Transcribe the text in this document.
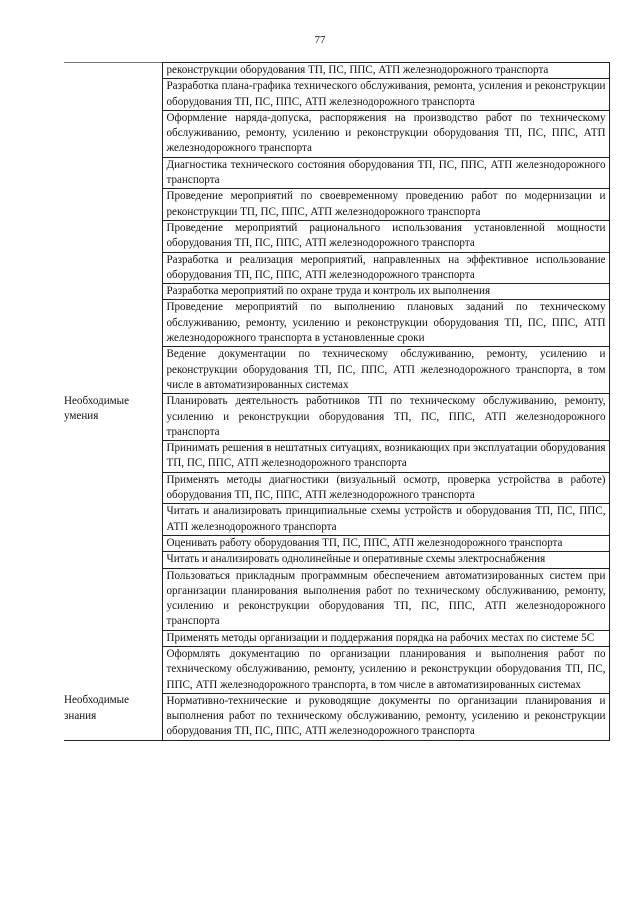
77
	реконструкции оборудования ТП, ПС, ППС, АТП железнодорожного транспорта
	Разработка плана-графика технического обслуживания, ремонта, усиления и реконструкции оборудования ТП, ПС, ППС, АТП железнодорожного транспорта
	Оформление наряда-допуска, распоряжения на производство работ по техническому обслуживанию, ремонту, усилению и реконструкции оборудования ТП, ПС, ППС, АТП железнодорожного транспорта
	Диагностика технического состояния оборудования ТП, ПС, ППС, АТП железнодорожного транспорта
	Проведение мероприятий по своевременному проведению работ по модернизации и реконструкции ТП, ПС, ППС, АТП железнодорожного транспорта
	Проведение мероприятий рационального использования установленной мощности оборудования ТП, ПС, ППС, АТП железнодорожного транспорта
	Разработка и реализация мероприятий, направленных на эффективное использование оборудования ТП, ПС, ППС, АТП железнодорожного транспорта
	Разработка мероприятий по охране труда и контроль их выполнения
	Проведение мероприятий по выполнению плановых заданий по техническому обслуживанию, ремонту, усилению и реконструкции оборудования ТП, ПС, ППС, АТП железнодорожного транспорта в установленные сроки
	Ведение документации по техническому обслуживанию, ремонту, усилению и реконструкции оборудования ТП, ПС, ППС, АТП железнодорожного транспорта, в том числе в автоматизированных системах

Необходимые умения	Планировать деятельность работников ТП по техническому обслуживанию, ремонту, усилению и реконструкции оборудования ТП, ПС, ППС, АТП железнодорожного транспорта
	Принимать решения в нештатных ситуациях, возникающих при эксплуатации оборудования ТП, ПС, ППС, АТП железнодорожного транспорта
	Применять методы диагностики (визуальный осмотр, проверка устройства в работе) оборудования ТП, ПС, ППС, АТП железнодорожного транспорта
	Читать и анализировать принципиальные схемы устройств и оборудования ТП, ПС, ППС, АТП железнодорожного транспорта
	Оценивать работу оборудования ТП, ПС, ППС, АТП железнодорожного транспорта
	Читать и анализировать однолинейные и оперативные схемы электроснабжения
	Пользоваться прикладным программным обеспечением автоматизированных систем при организации планирования выполнения работ по техническому обслуживанию, ремонту, усилению и реконструкции оборудования ТП, ПС, ППС, АТП железнодорожного транспорта
	Применять методы организации и поддержания порядка на рабочих местах по системе 5С
	Оформлять документацию по организации планирования и выполнения работ по техническому обслуживанию, ремонту, усилению и реконструкции оборудования ТП, ПС, ППС, АТП железнодорожного транспорта, в том числе в автоматизированных системах

Необходимые знания	Нормативно-технические и руководящие документы по организации планирования и выполнения работ по техническому обслуживанию, ремонту, усилению и реконструкции оборудования ТП, ПС, ППС, АТП железнодорожного транспорта
